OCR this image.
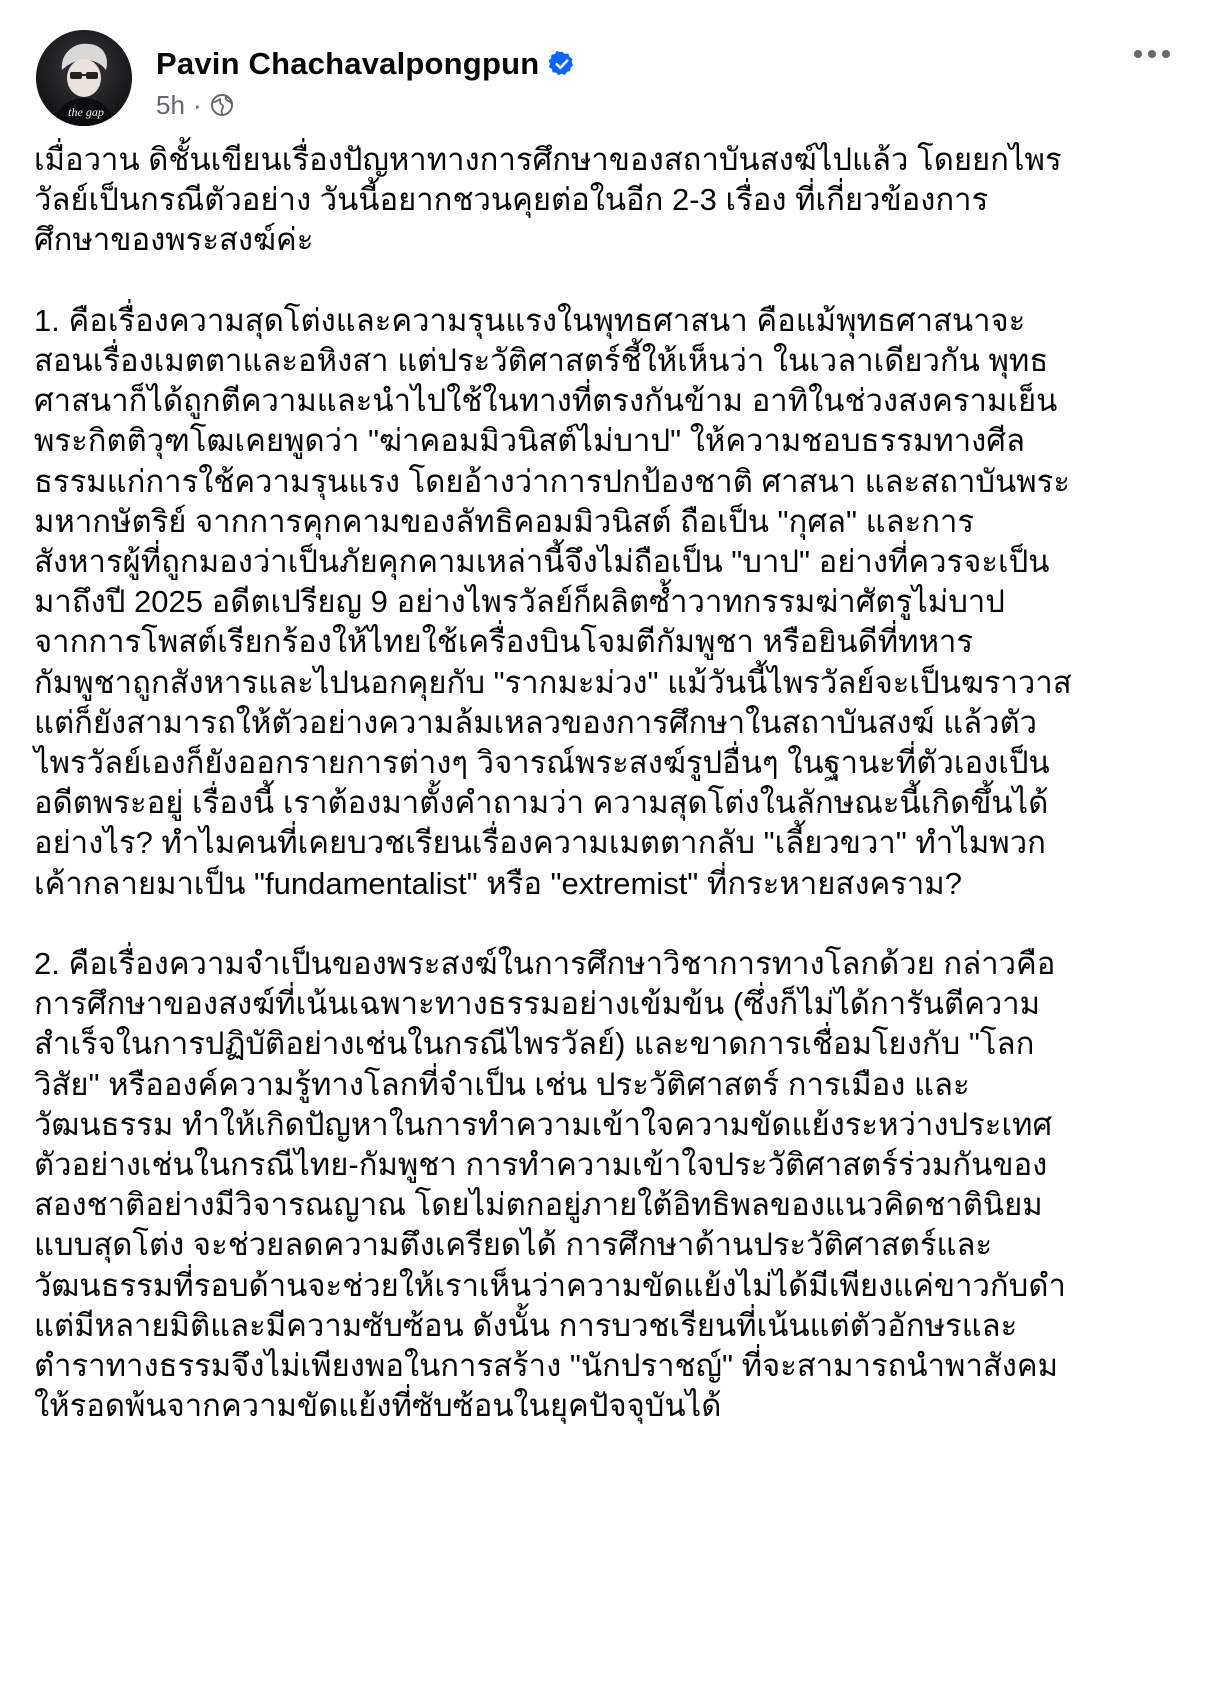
the gap
Pavin Chachavalpongpun
5h ·

เมื่อวาน ดิชั้นเขียนเรื่องปัญหาทางการศึกษาของสถาบันสงฆ์ไปแล้ว โดยยกไพร
วัลย์เป็นกรณีตัวอย่าง วันนี้อยากชวนคุยต่อในอีก 2-3 เรื่อง ที่เกี่ยวข้องการ
ศึกษาของพระสงฆ์ค่ะ

1. คือเรื่องความสุดโต่งและความรุนแรงในพุทธศาสนา คือแม้พุทธศาสนาจะ
สอนเรื่องเมตตาและอหิงสา แต่ประวัติศาสตร์ชี้ให้เห็นว่า ในเวลาเดียวกัน พุทธ
ศาสนาก็ได้ถูกตีความและนำไปใช้ในทางที่ตรงกันข้าม อาทิในช่วงสงครามเย็น
พระกิตติวุฑโฒเคยพูดว่า "ฆ่าคอมมิวนิสต์ไม่บาป" ให้ความชอบธรรมทางศีล
ธรรมแก่การใช้ความรุนแรง โดยอ้างว่าการปกป้องชาติ ศาสนา และสถาบันพระ
มหากษัตริย์ จากการคุกคามของลัทธิคอมมิวนิสต์ ถือเป็น "กุศล" และการ
สังหารผู้ที่ถูกมองว่าเป็นภัยคุกคามเหล่านี้จึงไม่ถือเป็น "บาป" อย่างที่ควรจะเป็น
มาถึงปี 2025 อดีตเปรียญ 9 อย่างไพรวัลย์ก็ผลิตซ้ำวาทกรรมฆ่าศัตรูไม่บาป
จากการโพสต์เรียกร้องให้ไทยใช้เครื่องบินโจมตีกัมพูชา หรือยินดีที่ทหาร
กัมพูชาถูกสังหารและไปนอกคุยกับ "รากมะม่วง" แม้วันนี้ไพรวัลย์จะเป็นฆราวาส
แต่ก็ยังสามารถให้ตัวอย่างความล้มเหลวของการศึกษาในสถาบันสงฆ์ แล้วตัว
ไพรวัลย์เองก็ยังออกรายการต่างๆ วิจารณ์พระสงฆ์รูปอื่นๆ ในฐานะที่ตัวเองเป็น
อดีตพระอยู่ เรื่องนี้ เราต้องมาตั้งคำถามว่า ความสุดโต่งในลักษณะนี้เกิดขึ้นได้
อย่างไร? ทำไมคนที่เคยบวชเรียนเรื่องความเมตตากลับ "เลี้ยวขวา" ทำไมพวก
เค้ากลายมาเป็น "fundamentalist" หรือ "extremist" ที่กระหายสงคราม?

2. คือเรื่องความจำเป็นของพระสงฆ์ในการศึกษาวิชาการทางโลกด้วย กล่าวคือ
การศึกษาของสงฆ์ที่เน้นเฉพาะทางธรรมอย่างเข้มข้น (ซึ่งก็ไม่ได้การันตีความ
สำเร็จในการปฏิบัติอย่างเช่นในกรณีไพรวัลย์) และขาดการเชื่อมโยงกับ "โลก
วิสัย" หรือองค์ความรู้ทางโลกที่จำเป็น เช่น ประวัติศาสตร์ การเมือง และ
วัฒนธรรม ทำให้เกิดปัญหาในการทำความเข้าใจความขัดแย้งระหว่างประเทศ
ตัวอย่างเช่นในกรณีไทย-กัมพูชา การทำความเข้าใจประวัติศาสตร์ร่วมกันของ
สองชาติอย่างมีวิจารณญาณ โดยไม่ตกอยู่ภายใต้อิทธิพลของแนวคิดชาตินิยม
แบบสุดโต่ง จะช่วยลดความตึงเครียดได้ การศึกษาด้านประวัติศาสตร์และ
วัฒนธรรมที่รอบด้านจะช่วยให้เราเห็นว่าความขัดแย้งไม่ได้มีเพียงแค่ขาวกับดำ
แต่มีหลายมิติและมีความซับซ้อน ดังนั้น การบวชเรียนที่เน้นแต่ตัวอักษรและ
ตำราทางธรรมจึงไม่เพียงพอในการสร้าง "นักปราชญ์" ที่จะสามารถนำพาสังคม
ให้รอดพ้นจากความขัดแย้งที่ซับซ้อนในยุคปัจจุบันได้
